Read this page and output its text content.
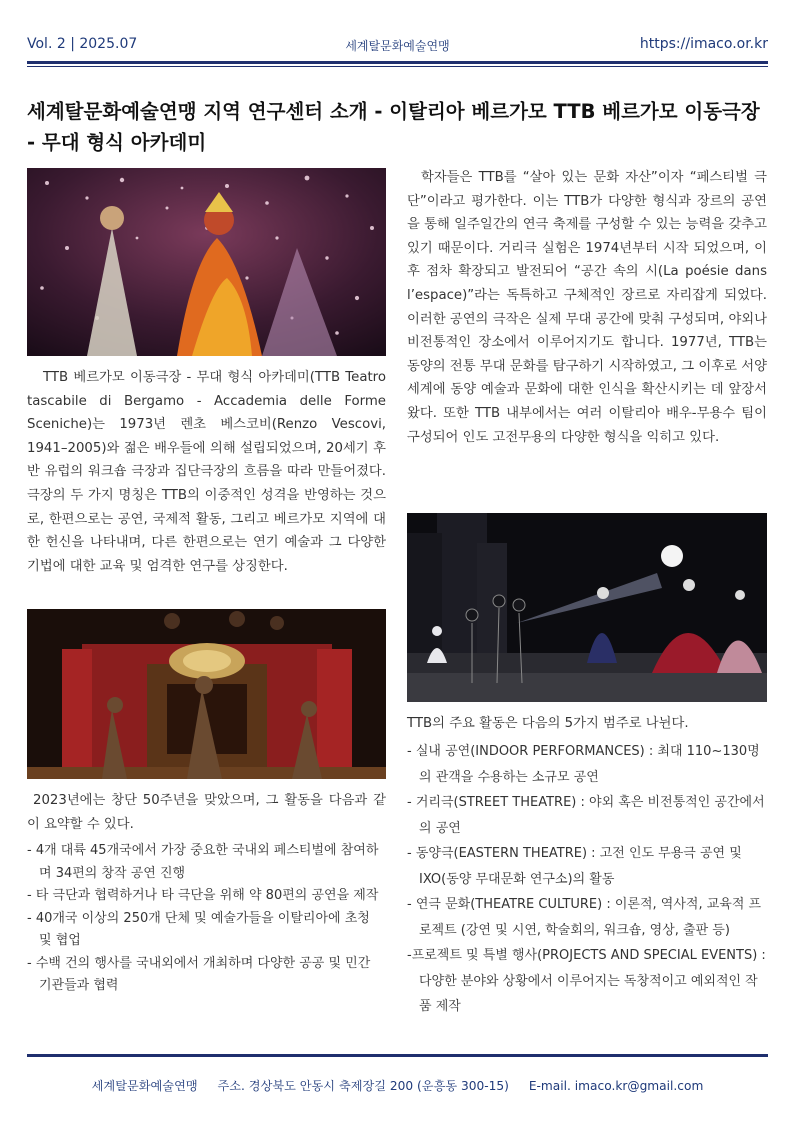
Vol. 2 | 2025.07	세계탈문화예술연맹	https://imaco.or.kr
세계탈문화예술연맹 지역 연구센터 소개 - 이탈리아 베르가모 TTB 베르가모 이동극장 - 무대 형식 아카데미
TTB 베르가모 이동극장 - 무대 형식 아카데미(TTB Teatro tascabile di Bergamo - Accademia delle Forme Sceniche)는 1973년 렌초 베스코비(Renzo Vescovi, 1941–2005)와 젊은 배우들에 의해 설립되었으며, 20세기 후반 유럽의 워크숍 극장과 집단극장의 흐름을 따라 만들어졌다. 극장의 두 가지 명칭은 TTB의 이중적인 성격을 반영하는 것으로, 한편으로는 공연, 국제적 활동, 그리고 베르가모 지역에 대한 헌신을 나타내며, 다른 한편으로는 연기 예술과 그 다양한 기법에 대한 교육 및 엄격한 연구를 상징한다.
2023년에는 창단 50주년을 맞았으며, 그 활동을 다음과 같이 요약할 수 있다.
- 4개 대륙 45개국에서 가장 중요한 국내외 페스티벌에 참여하며 34편의 창작 공연 진행
- 타 극단과 협력하거나 타 극단을 위해 약 80편의 공연을 제작
- 40개국 이상의 250개 단체 및 예술가들을 이탈리아에 초청 및 협업
- 수백 건의 행사를 국내외에서 개최하며 다양한 공공 및 민간 기관들과 협력
학자들은 TTB를 “살아 있는 문화 자산”이자 “페스티벌 극단”이라고 평가한다. 이는 TTB가 다양한 형식과 장르의 공연을 통해 일주일간의 연극 축제를 구성할 수 있는 능력을 갖추고 있기 때문이다. 거리극 실험은 1974년부터 시작 되었으며, 이후 점차 확장되고 발전되어 “공간 속의 시(La poésie dans l’espace)”라는 독특하고 구체적인 장르로 자리잡게 되었다. 이러한 공연의 극작은 실제 무대 공간에 맞춰 구성되며, 야외나 비전통적인 장소에서 이루어지기도 합니다. 1977년, TTB는 동양의 전통 무대 문화를 탐구하기 시작하였고, 그 이후로 서양 세계에 동양 예술과 문화에 대한 인식을 확산시키는 데 앞장서 왔다. 또한 TTB 내부에서는 여러 이탈리아 배우-무용수 팀이 구성되어 인도 고전무용의 다양한 형식을 익히고 있다.
TTB의 주요 활동은 다음의 5가지 범주로 나뉜다.
- 실내 공연(INDOOR PERFORMANCES) : 최대 110~130명의 관객을 수용하는 소규모 공연
- 거리극(STREET THEATRE) : 야외 혹은 비전통적인 공간에서의 공연
- 동양극(EASTERN THEATRE) : 고전 인도 무용극 공연 및 IXO(동양 무대문화 연구소)의 활동
- 연극 문화(THEATRE CULTURE) : 이론적, 역사적, 교육적 프로젝트 (강연 및 시연, 학술회의, 워크숍, 영상, 출판 등)
-프로젝트 및 특별 행사(PROJECTS AND SPECIAL EVENTS) : 다양한 분야와 상황에서 이루어지는 독창적이고 예외적인 작품 제작
세계탈문화예술연맹 주소. 경상북도 안동시 축제장길 200 (운흥동 300-15) E-mail. imaco.kr@gmail.com
